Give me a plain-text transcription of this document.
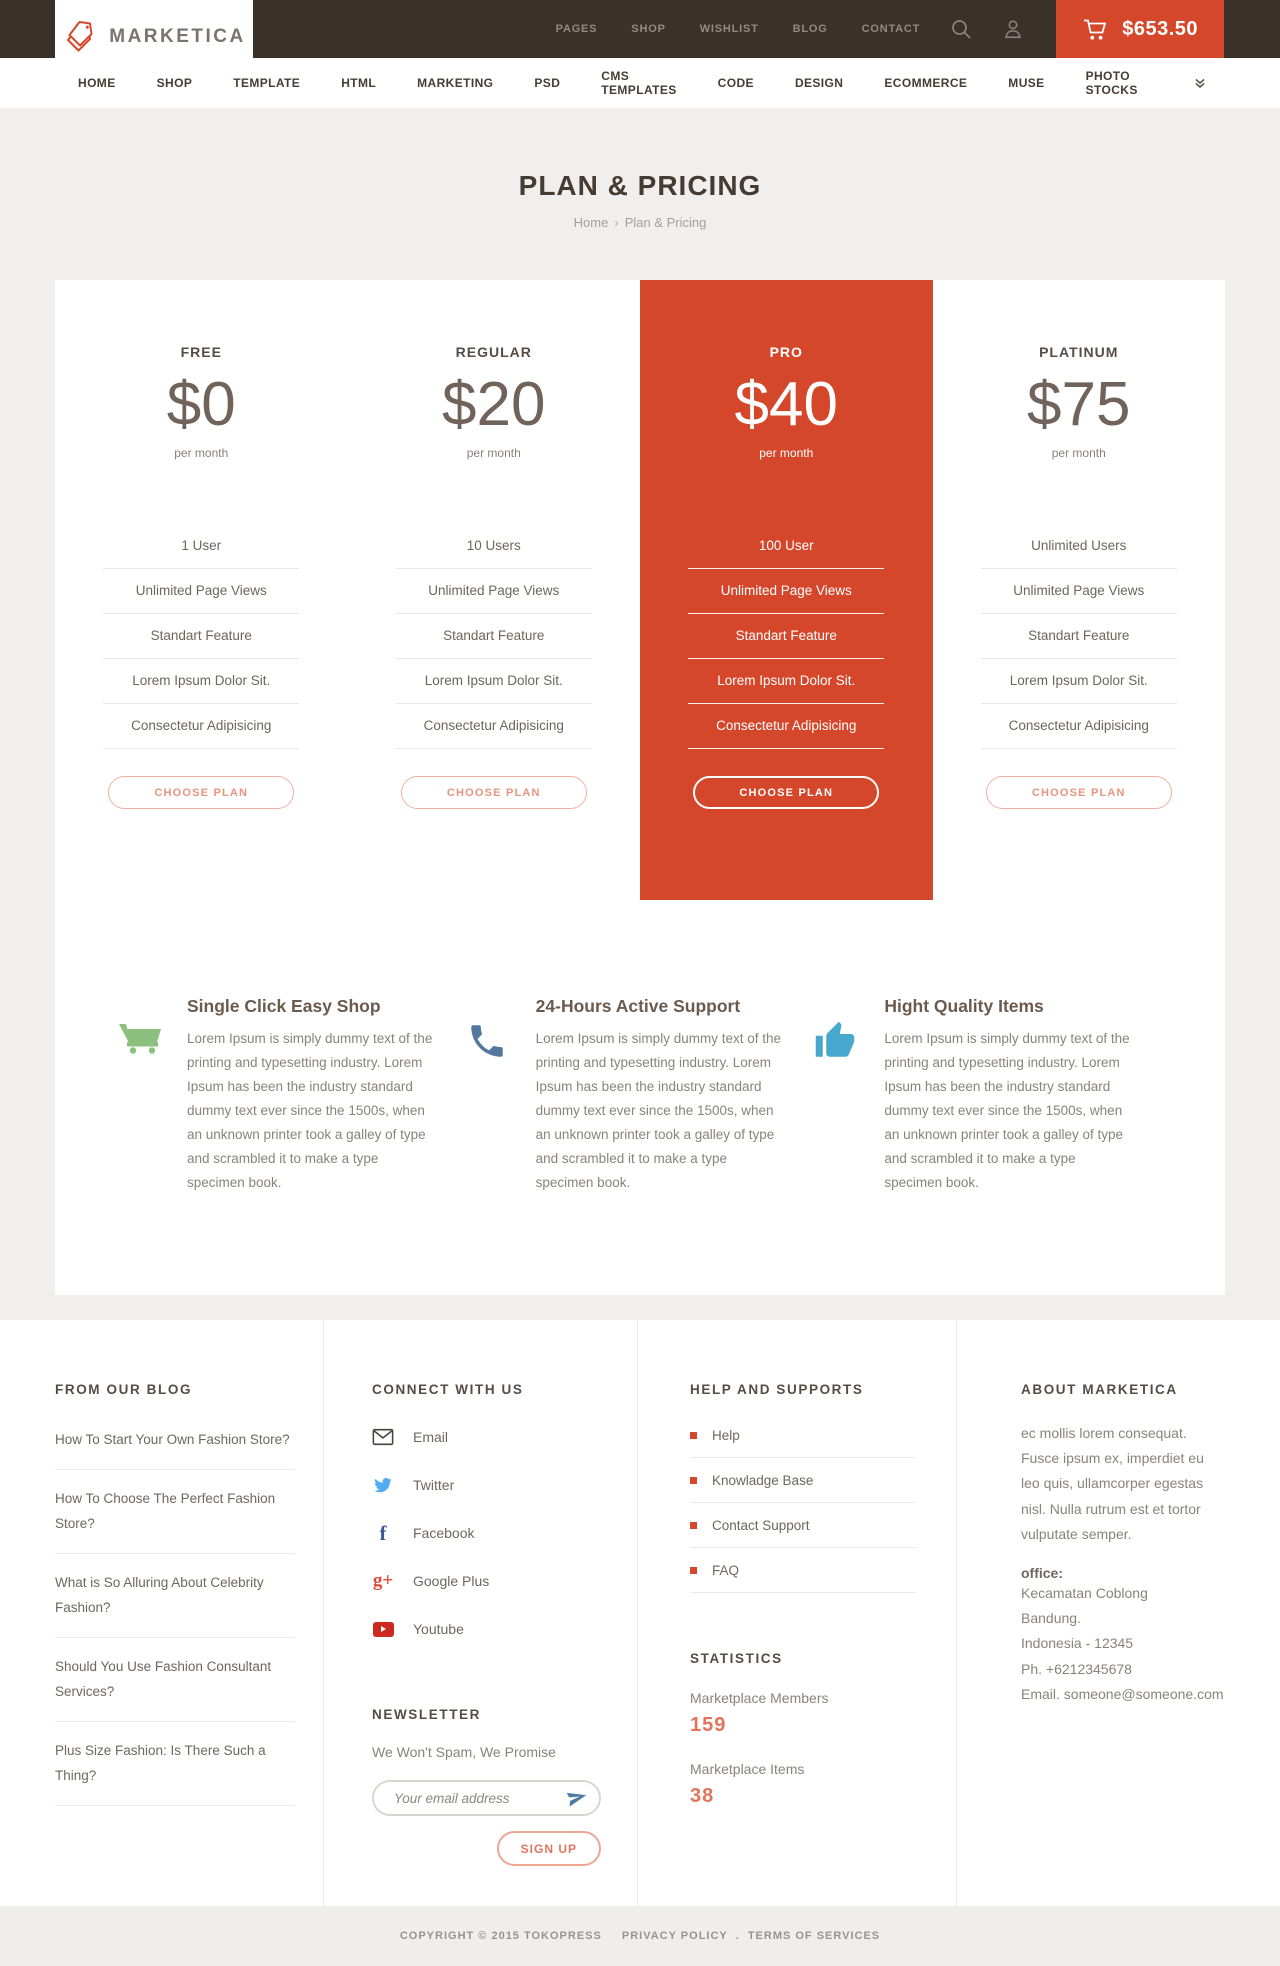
MARKETICA	PAGES	SHOP	WISHLIST	BLOG	CONTACT	$653.50
HOME	SHOP	TEMPLATE	HTML	MARKETING	PSD	CMS TEMPLATES	CODE	DESIGN	ECOMMERCE	MUSE	PHOTO STOCKS
PLAN & PRICING
Home › Plan & Pricing
FREE
$0
per month
1 User
Unlimited Page Views
Standart Feature
Lorem Ipsum Dolor Sit.
Consectetur Adipisicing
CHOOSE PLAN
REGULAR
$20
per month
10 Users
Unlimited Page Views
Standart Feature
Lorem Ipsum Dolor Sit.
Consectetur Adipisicing
CHOOSE PLAN
PRO
$40
per month
100 User
Unlimited Page Views
Standart Feature
Lorem Ipsum Dolor Sit.
Consectetur Adipisicing
CHOOSE PLAN
PLATINUM
$75
per month
Unlimited Users
Unlimited Page Views
Standart Feature
Lorem Ipsum Dolor Sit.
Consectetur Adipisicing
CHOOSE PLAN
Single Click Easy Shop

Lorem Ipsum is simply dummy text of the printing and typesetting industry. Lorem Ipsum has been the industry standard dummy text ever since the 1500s, when an unknown printer took a galley of type and scrambled it to make a type specimen book.

24-Hours Active Support

Lorem Ipsum is simply dummy text of the printing and typesetting industry. Lorem Ipsum has been the industry standard dummy text ever since the 1500s, when an unknown printer took a galley of type and scrambled it to make a type specimen book.

Hight Quality Items

Lorem Ipsum is simply dummy text of the printing and typesetting industry. Lorem Ipsum has been the industry standard dummy text ever since the 1500s, when an unknown printer took a galley of type and scrambled it to make a type specimen book.

FROM OUR BLOG
How To Start Your Own Fashion Store?
How To Choose The Perfect Fashion Store?
What is So Alluring About Celebrity Fashion?
Should You Use Fashion Consultant Services?
Plus Size Fashion: Is There Such a Thing?
CONNECT WITH US
Email
Twitter
f Facebook
g+ Google Plus
Youtube
NEWSLETTER
We Won't Spam, We Promise
Your email address
SIGN UP
HELP AND SUPPORTS
Help
Knowladge Base
Contact Support
FAQ
STATISTICS
Marketplace Members
159
Marketplace Items
38
ABOUT MARKETICA

ec mollis lorem consequat. Fusce ipsum ex, imperdiet eu leo quis, ullamcorper egestas nisl. Nulla rutrum est et tortor vulputate semper.

office:
Kecamatan Coblong
Bandung.
Indonesia - 12345
Ph. +6212345678
Email. someone@someone.com
COPYRIGHT © 2015 TOKOPRESS PRIVACY POLICY . TERMS OF SERVICES
